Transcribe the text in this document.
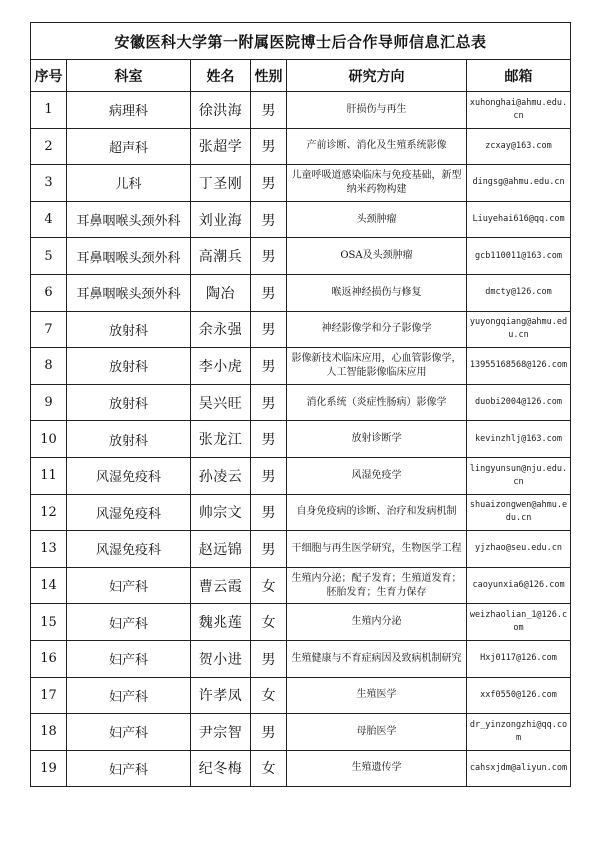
安徽医科大学第一附属医院博士后合作导师信息汇总表					
序号	科室	姓名	性别	研究方向	邮箱
1	病理科	徐洪海	男	肝损伤与再生	xuhonghai@ahmu.edu.cn
2	超声科	张超学	男	产前诊断、消化及生殖系统影像	zcxay@163.com
3	儿科	丁圣刚	男	儿童呼吸道感染临床与免疫基础，新型纳米药物构建	dingsg@ahmu.edu.cn
4	耳鼻咽喉头颈外科	刘业海	男	头颈肿瘤	Liuyehai616@qq.com
5	耳鼻咽喉头颈外科	高潮兵	男	OSA及头颈肿瘤	gcb110011@163.com
6	耳鼻咽喉头颈外科	陶冶	男	喉返神经损伤与修复	dmcty@126.com
7	放射科	余永强	男	神经影像学和分子影像学	yuyongqiang@ahmu.edu.cn
8	放射科	李小虎	男	影像新技术临床应用，心血管影像学，人工智能影像临床应用	13955168568@126.com
9	放射科	吴兴旺	男	消化系统（炎症性肠病）影像学	duobi2004@126.com
10	放射科	张龙江	男	放射诊断学	kevinzhlj@163.com
11	风湿免疫科	孙凌云	男	风湿免疫学	lingyunsun@nju.edu.cn
12	风湿免疫科	帅宗文	男	自身免疫病的诊断、治疗和发病机制	shuaizongwen@ahmu.edu.cn
13	风湿免疫科	赵远锦	男	干细胞与再生医学研究，生物医学工程	yjzhao@seu.edu.cn
14	妇产科	曹云霞	女	生殖内分泌；配子发育；生殖道发育；胚胎发育；生育力保存	caoyunxia6@126.com
15	妇产科	魏兆莲	女	生殖内分泌	weizhaolian_1@126.com
16	妇产科	贺小进	男	生殖健康与不育症病因及致病机制研究	Hxj0117@126.com
17	妇产科	许孝凤	女	生殖医学	xxf0550@126.com
18	妇产科	尹宗智	男	母胎医学	dr_yinzongzhi@qq.com
19	妇产科	纪冬梅	女	生殖遗传学	cahsxjdm@aliyun.com
